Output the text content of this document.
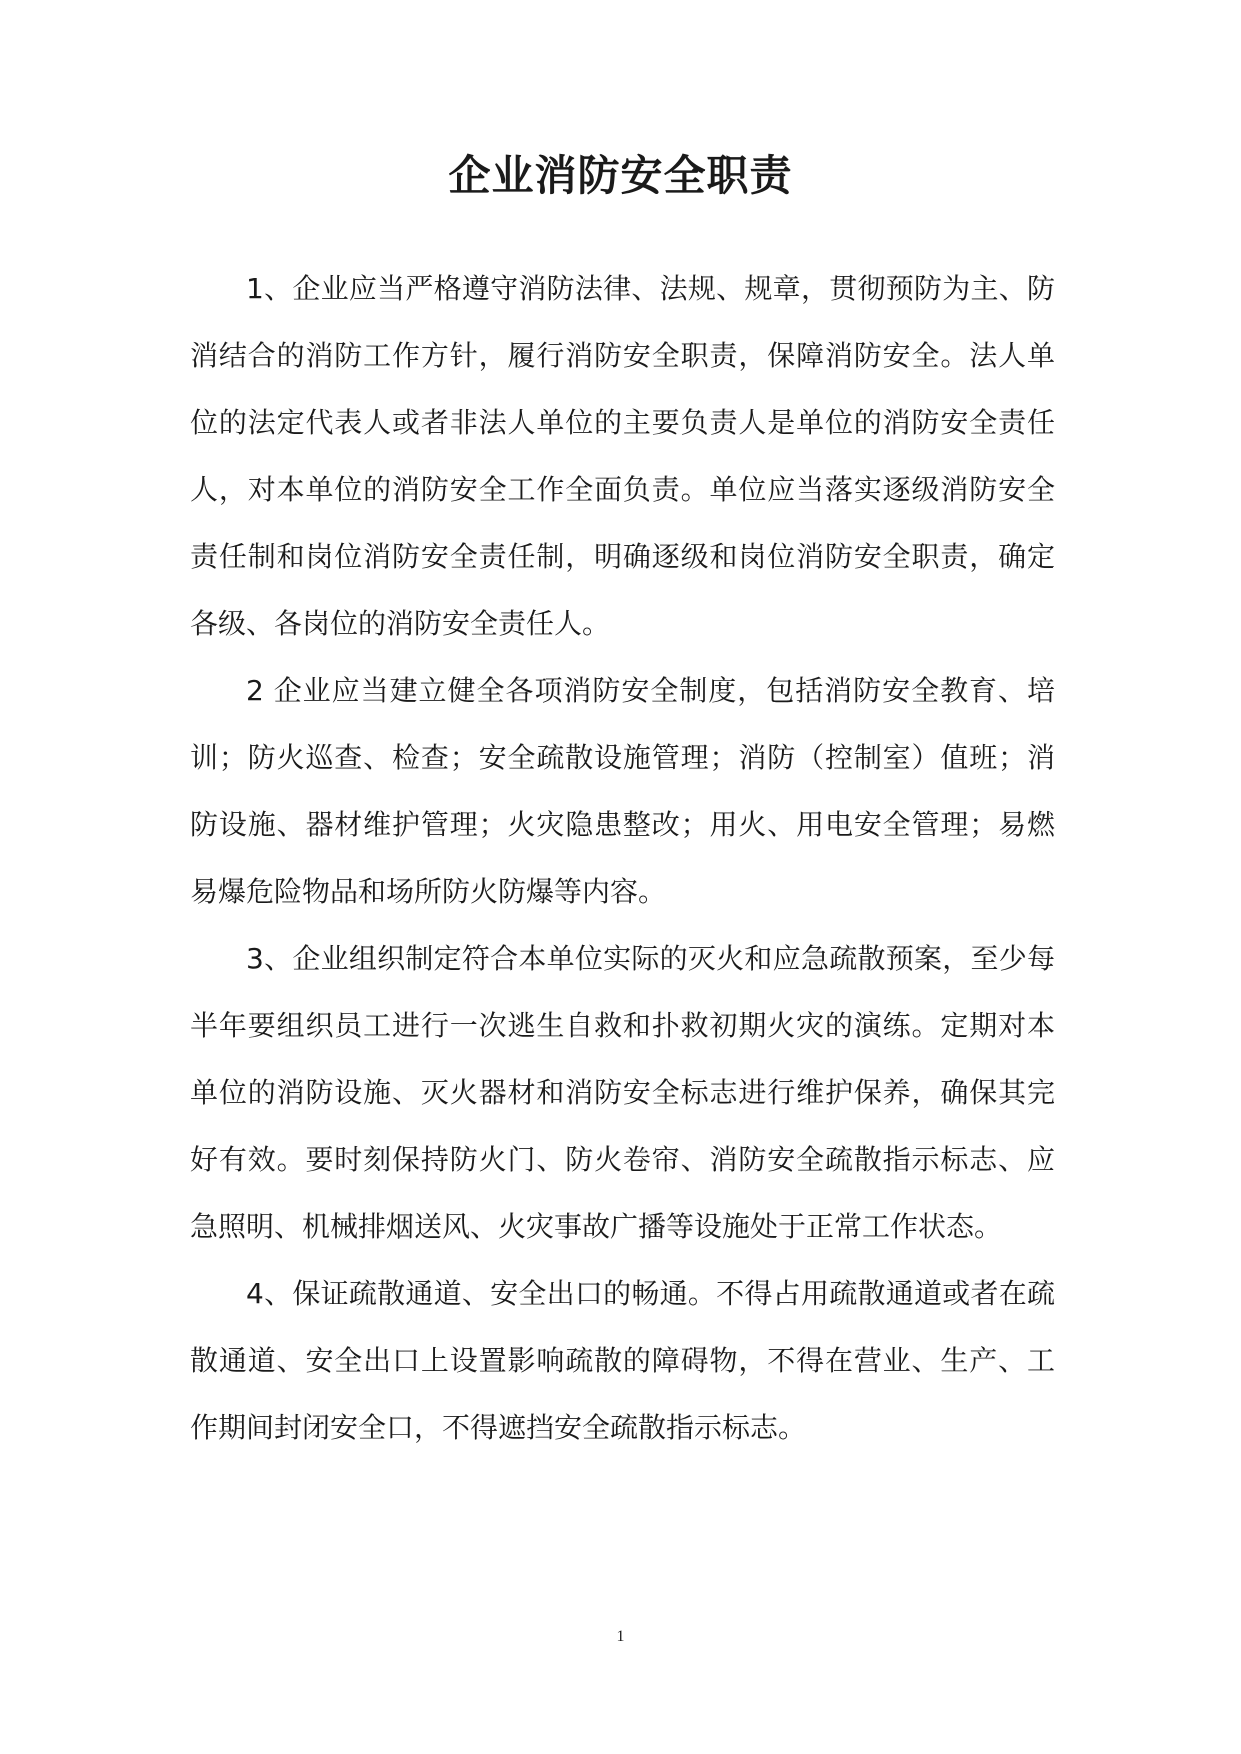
企业消防安全职责

1、企业应当严格遵守消防法律、法规、规章，贯彻预防为主、防消结合的消防工作方针，履行消防安全职责，保障消防安全。法人单位的法定代表人或者非法人单位的主要负责人是单位的消防安全责任人，对本单位的消防安全工作全面负责。单位应当落实逐级消防安全责任制和岗位消防安全责任制，明确逐级和岗位消防安全职责，确定各级、各岗位的消防安全责任人。

2 企业应当建立健全各项消防安全制度，包括消防安全教育、培训；防火巡查、检查；安全疏散设施管理；消防（控制室）值班；消防设施、器材维护管理；火灾隐患整改；用火、用电安全管理；易燃易爆危险物品和场所防火防爆等内容。

3、企业组织制定符合本单位实际的灭火和应急疏散预案，至少每半年要组织员工进行一次逃生自救和扑救初期火灾的演练。定期对本单位的消防设施、灭火器材和消防安全标志进行维护保养，确保其完好有效。要时刻保持防火门、防火卷帘、消防安全疏散指示标志、应急照明、机械排烟送风、火灾事故广播等设施处于正常工作状态。

4、保证疏散通道、安全出口的畅通。不得占用疏散通道或者在疏散通道、安全出口上设置影响疏散的障碍物，不得在营业、生产、工作期间封闭安全口，不得遮挡安全疏散指示标志。

1
